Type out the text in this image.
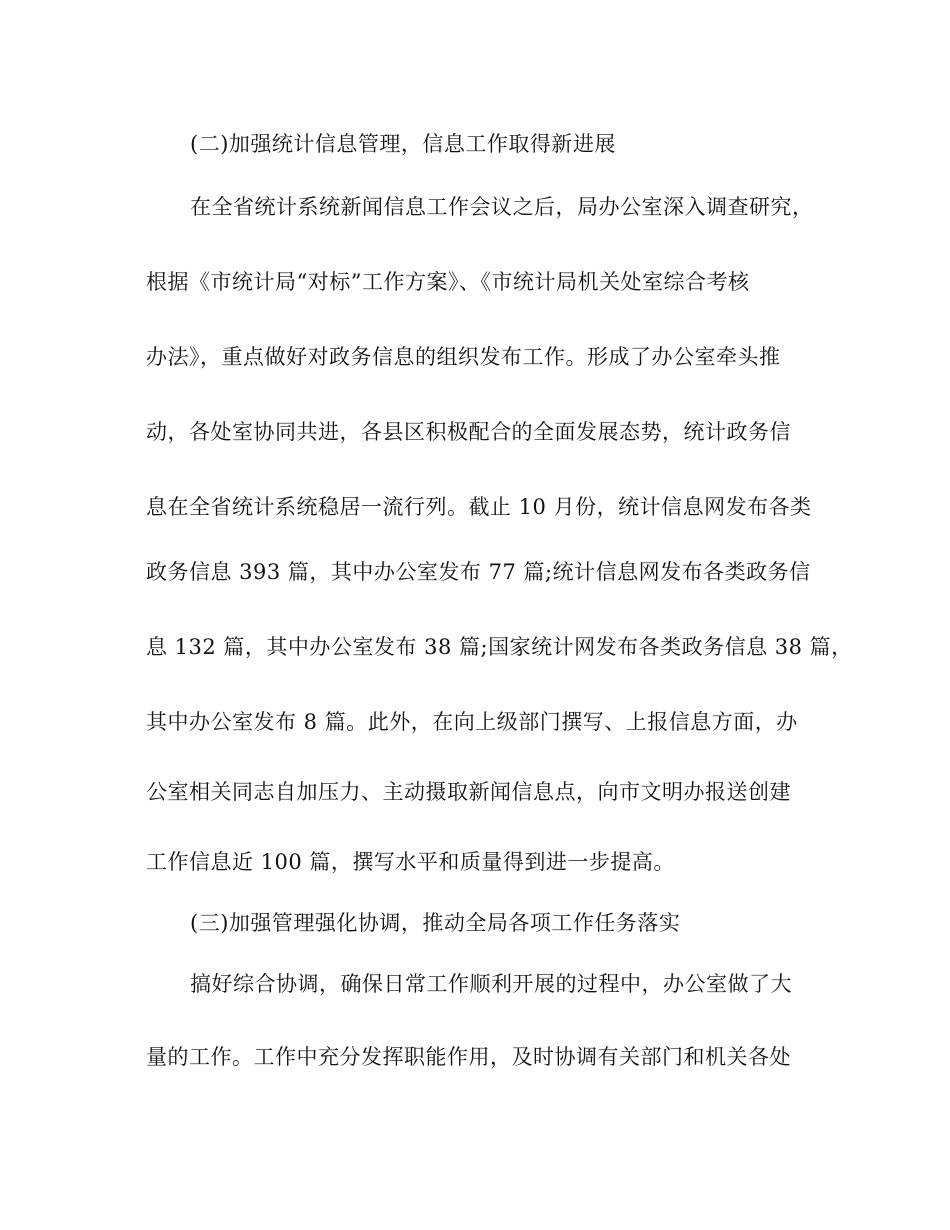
(二)加强统计信息管理，信息工作取得新进展

在全省统计系统新闻信息工作会议之后，局办公室深入调查研究，

根据《市统计局“对标”工作方案》、《市统计局机关处室综合考核

办法》，重点做好对政务信息的组织发布工作。形成了办公室牵头推

动，各处室协同共进，各县区积极配合的全面发展态势，统计政务信

息在全省统计系统稳居一流行列。截止 10 月份，统计信息网发布各类

政务信息 393 篇，其中办公室发布 77 篇;统计信息网发布各类政务信

息 132 篇，其中办公室发布 38 篇;国家统计网发布各类政务信息 38 篇，

其中办公室发布 8 篇。此外，在向上级部门撰写、上报信息方面，办

公室相关同志自加压力、主动摄取新闻信息点，向市文明办报送创建

工作信息近 100 篇，撰写水平和质量得到进一步提高。

(三)加强管理强化协调，推动全局各项工作任务落实

搞好综合协调，确保日常工作顺利开展的过程中，办公室做了大

量的工作。工作中充分发挥职能作用，及时协调有关部门和机关各处
